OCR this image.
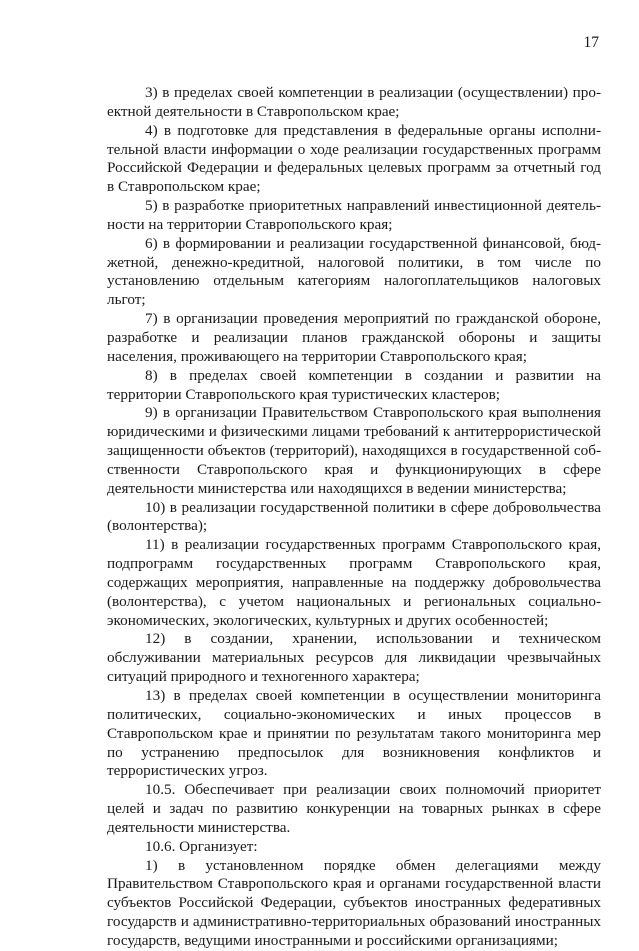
17

3) в пределах своей компетенции в реализации (осуществлении) проектной деятельности в Ставропольском крае;

4) в подготовке для представления в федеральные органы исполнительной власти информации о ходе реализации государственных программ Российской Федерации и федеральных целевых программ за отчетный год в Ставропольском крае;

5) в разработке приоритетных направлений инвестиционной деятельности на территории Ставропольского края;

6) в формировании и реализации государственной финансовой, бюджетной, денежно-кредитной, налоговой политики, в том числе по установлению отдельным категориям налогоплательщиков налоговых льгот;

7) в организации проведения мероприятий по гражданской обороне, разработке и реализации планов гражданской обороны и защиты населения, проживающего на территории Ставропольского края;

8) в пределах своей компетенции в создании и развитии на территории Ставропольского края туристических кластеров;

9) в организации Правительством Ставропольского края выполнения юридическими и физическими лицами требований к антитеррористической защищенности объектов (территорий), находящихся в государственной собственности Ставропольского края и функционирующих в сфере деятельности министерства или находящихся в ведении министерства;

10) в реализации государственной политики в сфере добровольчества (волонтерства);

11) в реализации государственных программ Ставропольского края, подпрограмм государственных программ Ставропольского края, содержащих мероприятия, направленные на поддержку добровольчества (волонтерства), с учетом национальных и региональных социально-экономических, экологических, культурных и других особенностей;

12) в создании, хранении, использовании и техническом обслуживании материальных ресурсов для ликвидации чрезвычайных ситуаций природного и техногенного характера;

13) в пределах своей компетенции в осуществлении мониторинга политических, социально-экономических и иных процессов в Ставропольском крае и принятии по результатам такого мониторинга мер по устранению предпосылок для возникновения конфликтов и террористических угроз.

10.5. Обеспечивает при реализации своих полномочий приоритет целей и задач по развитию конкуренции на товарных рынках в сфере деятельности министерства.

10.6. Организует:

1) в установленном порядке обмен делегациями между Правительством Ставропольского края и органами государственной власти субъектов Российской Федерации, субъектов иностранных федеративных государств и административно-территориальных образований иностранных государств, ведущими иностранными и российскими организациями;
